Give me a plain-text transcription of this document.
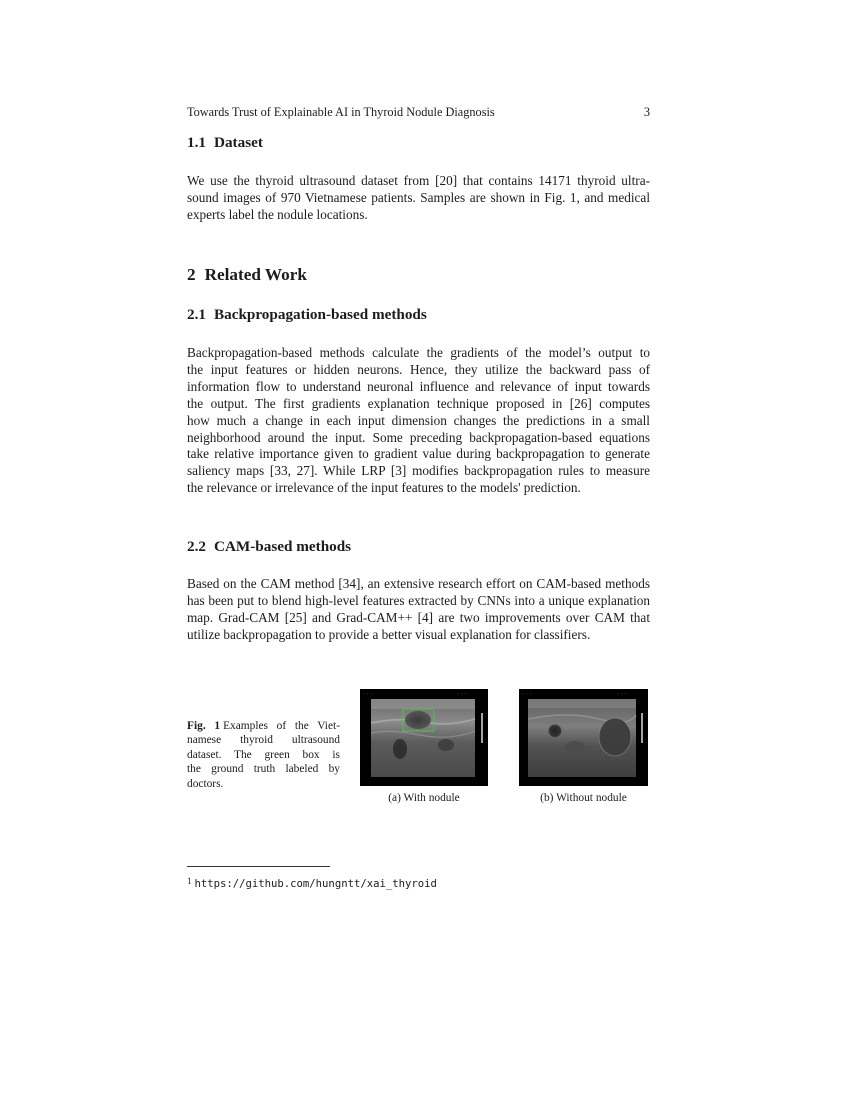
Towards Trust of Explainable AI in Thyroid Nodule Diagnosis	3
1.1 Dataset
We use the thyroid ultrasound dataset from [20] that contains 14171 thyroid ultra-
sound images of 970 Vietnamese patients. Samples are shown in Fig. 1, and medical
experts label the nodule locations.
2 Related Work
2.1 Backpropagation-based methods
Backpropagation-based methods calculate the gradients of the model’s output to
the input features or hidden neurons. Hence, they utilize the backward pass of
information flow to understand neuronal influence and relevance of input towards
the output. The first gradients explanation technique proposed in [26] computes
how much a change in each input dimension changes the predictions in a small
neighborhood around the input. Some preceding backpropagation-based equations
take relative importance given to gradient value during backpropagation to generate
saliency maps [33, 27]. While LRP [3] modifies backpropagation rules to measure
the relevance or irrelevance of the input features to the models' prediction.
2.2 CAM-based methods
Based on the CAM method [34], an extensive research effort on CAM-based methods
has been put to blend high-level features extracted by CNNs into a unique explanation
map. Grad-CAM [25] and Grad-CAM++ [4] are two improvements over CAM that
utilize backpropagation to provide a better visual explanation for classifiers.
Fig. 1 Examples of the Viet-
namese thyroid ultrasound
dataset. The green box is
the ground truth labeled by
doctors.
· · ·	· · ·
(a) With nodule
· · ·	· · ·
(b) Without nodule
$^1$ https://github.com/hungntt/xai_thyroid
